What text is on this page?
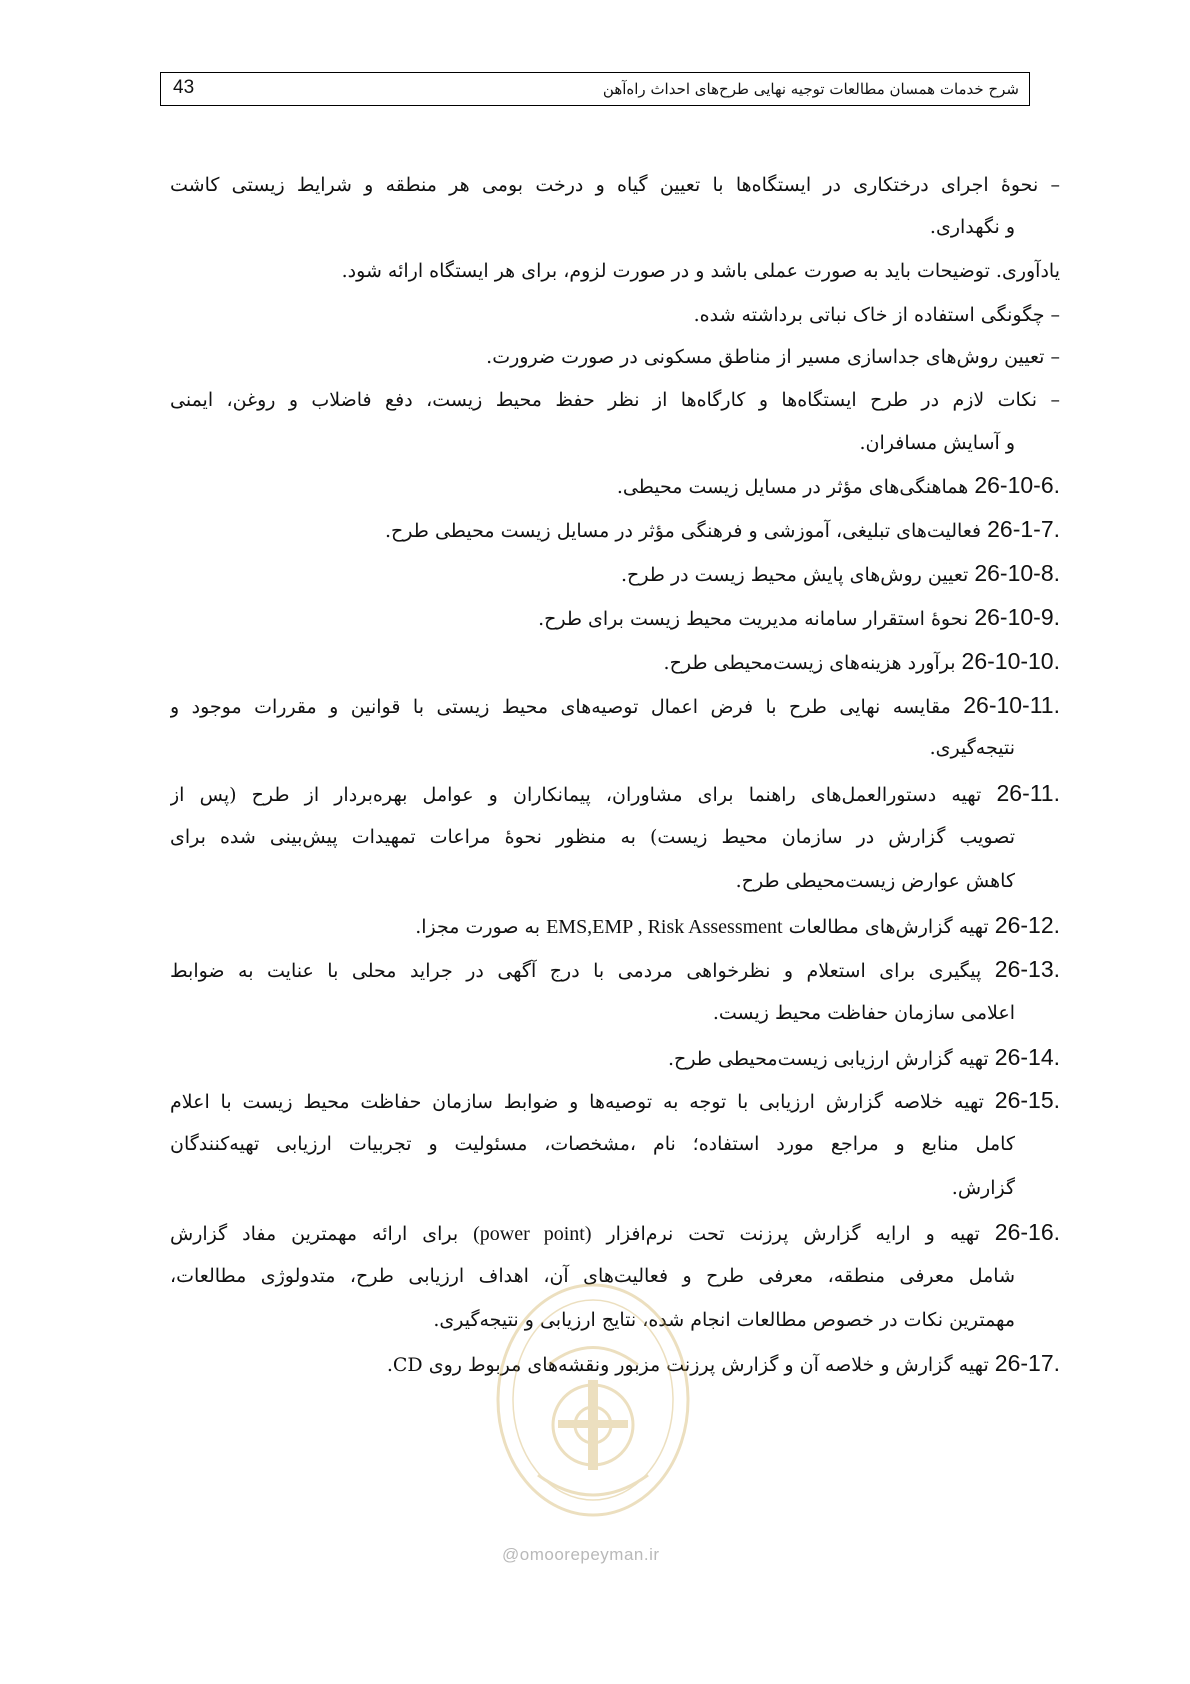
43	شرح خدمات همسان مطالعات توجیه نهایی طرح‌های احداث راه‌آهن
– نحوۀ اجرای درختکاری در ایستگاه‌ها با تعیین گیاه و درخت بومی هر منطقه و شرایط زیستی کاشت
و نگهداری.
یادآوری. توضیحات باید به صورت عملی باشد و در صورت لزوم، برای هر ایستگاه ارائه شود.
– چگونگی استفاده از خاک نباتی برداشته شده.
– تعیین روش‌های جداسازی مسیر از مناطق مسکونی در صورت ضرورت.
– نکات لازم در طرح ایستگاه‌ها و کارگاه‌ها از نظر حفظ محیط زیست، دفع فاضلاب و روغن، ایمنی
و آسایش مسافران.
26-10-6. هماهنگی‌های مؤثر در مسایل زیست محیطی.
26-1-7. فعالیت‌های تبلیغی، آموزشی و فرهنگی مؤثر در مسایل زیست محیطی طرح.
26-10-8. تعیین روش‌های پایش محیط زیست در طرح.
26-10-9. نحوۀ استقرار سامانه مدیریت محیط زیست برای طرح.
26-10-10. برآورد هزینه‌های زیست‌محیطی طرح.
26-10-11. مقایسه نهایی طرح با فرض اعمال توصیه‌های محیط زیستی با قوانین و مقررات موجود و
نتیجه‌گیری.
26-11. تهیه دستورالعمل‌های راهنما برای مشاوران، پیمانکاران و عوامل بهره‌بردار از طرح (پس از
تصویب گزارش در سازمان محیط زیست) به منظور نحوۀ مراعات تمهیدات پیش‌بینی شده برای
کاهش عوارض زیست‌محیطی طرح.
26-12. تهیه گزارش‌های مطالعات EMS,EMP , Risk Assessment به صورت مجزا.
26-13. پیگیری برای استعلام و نظرخواهی مردمی با درج آگهی در جراید محلی با عنایت به ضوابط
اعلامی سازمان حفاظت محیط زیست.
26-14. تهیه گزارش ارزیابی زیست‌محیطی طرح.
26-15. تهیه خلاصه گزارش ارزیابی با توجه به توصیه‌ها و ضوابط سازمان حفاظت محیط زیست با اعلام
کامل منابع و مراجع مورد استفاده؛ نام ،مشخصات، مسئولیت و تجربیات ارزیابی تهیه‌کنندگان
گزارش.
26-16. تهیه و ارایه گزارش پرزنت تحت نرم‌افزار (power point) برای ارائه مهمترین مفاد گزارش
شامل معرفی منطقه، معرفی طرح و فعالیت‌های آن، اهداف ارزیابی طرح، متدولوژی مطالعات،
مهمترین نکات در خصوص مطالعات انجام شده، نتایج ارزیابی و نتیجه‌گیری.
26-17. تهیه گزارش و خلاصه آن و گزارش پرزنت مزبور ونقشه‌های مربوط روی CD.
@omoorepeyman.ir
